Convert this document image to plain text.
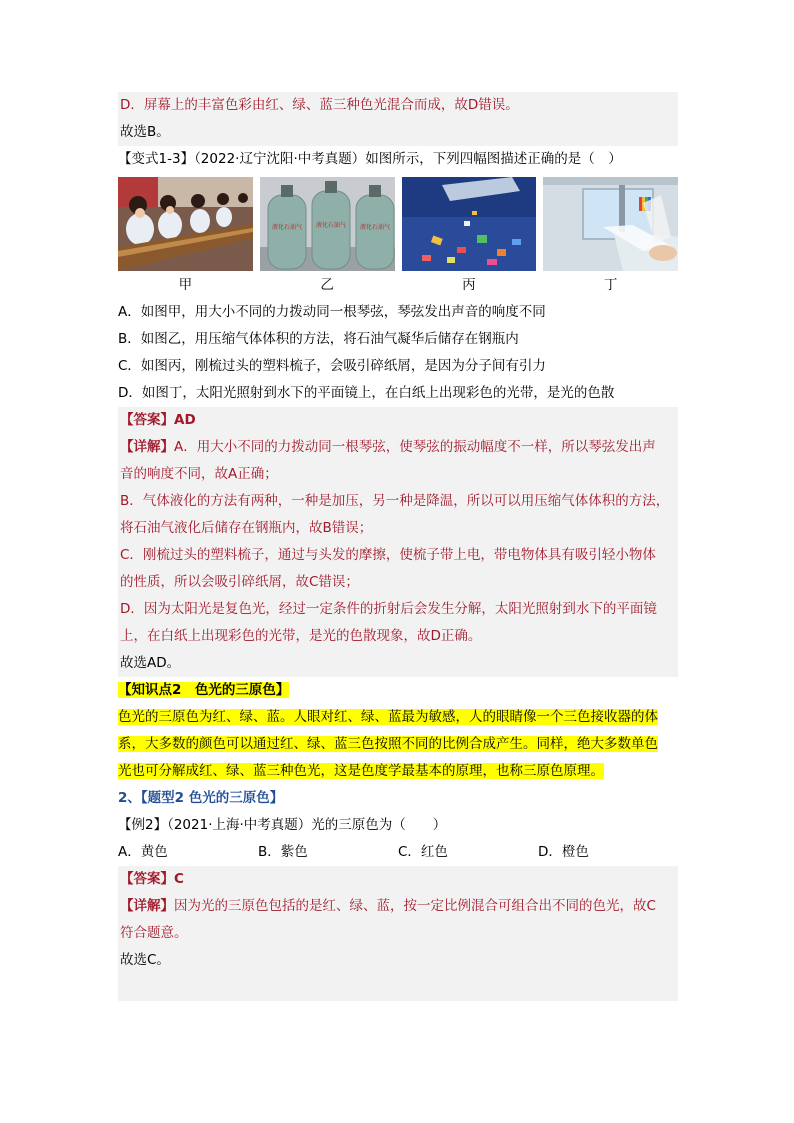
D．屏幕上的丰富色彩由红、绿、蓝三种色光混合而成，故D错误。
故选B。
【变式1-3】（2022·辽宁沈阳·中考真题）如图所示，下列四幅图描述正确的是（　）
液化石油气 液化石油气 液化石油气
甲	乙	丙	丁
A．如图甲，用大小不同的力拨动同一根琴弦，琴弦发出声音的响度不同
B．如图乙，用压缩气体体积的方法，将石油气凝华后储存在钢瓶内
C．如图丙，刚梳过头的塑料梳子，会吸引碎纸屑，是因为分子间有引力
D．如图丁，太阳光照射到水下的平面镜上，在白纸上出现彩色的光带，是光的色散
【答案】AD
【详解】A．用大小不同的力拨动同一根琴弦，使琴弦的振动幅度不一样，所以琴弦发出声
音的响度不同，故A正确；
B．气体液化的方法有两种，一种是加压，另一种是降温，所以可以用压缩气体体积的方法，
将石油气液化后储存在钢瓶内，故B错误；
C．刚梳过头的塑料梳子，通过与头发的摩擦，使梳子带上电，带电物体具有吸引轻小物体
的性质，所以会吸引碎纸屑，故C错误；
D．因为太阳光是复色光，经过一定条件的折射后会发生分解，太阳光照射到水下的平面镜
上，在白纸上出现彩色的光带，是光的色散现象，故D正确。
故选AD。
【知识点2　色光的三原色】
色光的三原色为红、绿、蓝。人眼对红、绿、蓝最为敏感，人的眼睛像一个三色接收器的体
系，大多数的颜色可以通过红、绿、蓝三色按照不同的比例合成产生。同样，绝大多数单色
光也可分解成红、绿、蓝三种色光，这是色度学最基本的原理，也称三原色原理。
2、【题型2 色光的三原色】
【例2】（2021·上海·中考真题）光的三原色为（　　）
A．黄色	B．紫色	C．红色	D．橙色
【答案】C
【详解】因为光的三原色包括的是红、绿、蓝，按一定比例混合可组合出不同的色光，故C
符合题意。
故选C。
